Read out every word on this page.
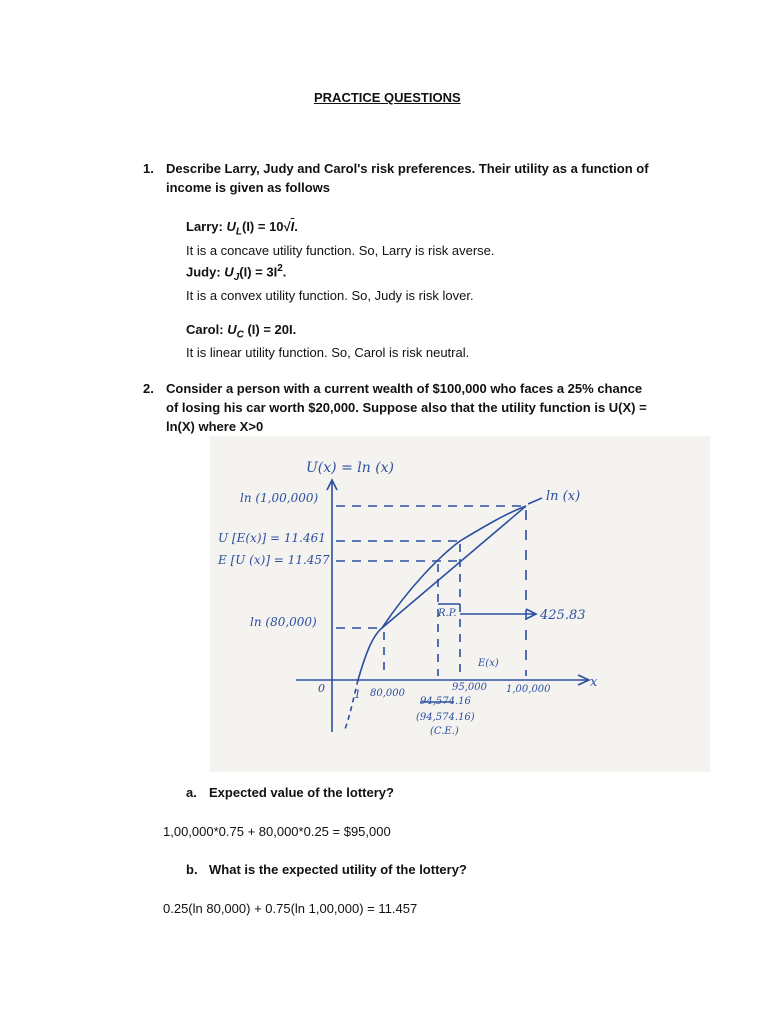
PRACTICE QUESTIONS
1. Describe Larry, Judy and Carol's risk preferences. Their utility as a function of
income is given as follows
Larry: $U_L(I) = 10√I$.
It is a concave utility function. So, Larry is risk averse.
Judy: $U_J(I) = 3I^2$.
It is a convex utility function. So, Judy is risk lover.
Carol: $U_C$ (I) = 20I.
It is linear utility function. So, Carol is risk neutral.
2. Consider a person with a current wealth of $100,000 who faces a 25% chance
of losing his car worth $20,000. Suppose also that the utility function is U(X) =
ln(X) where X>0
U(x) = ln (x)
ln (x)
ln (1,00,000)
U [E(x)] = 11.461
E [U (x)] = 11.457
ln (80,000)
R.P.	425.83
E(x)
0	1 80,000
94,574.16
95,000 1,00,000
(94,574.16)
(C.E.)
x
a. Expected value of the lottery?
1,00,000*0.75 + 80,000*0.25 = $95,000
b. What is the expected utility of the lottery?
0.25(ln 80,000) + 0.75(ln 1,00,000) = 11.457
